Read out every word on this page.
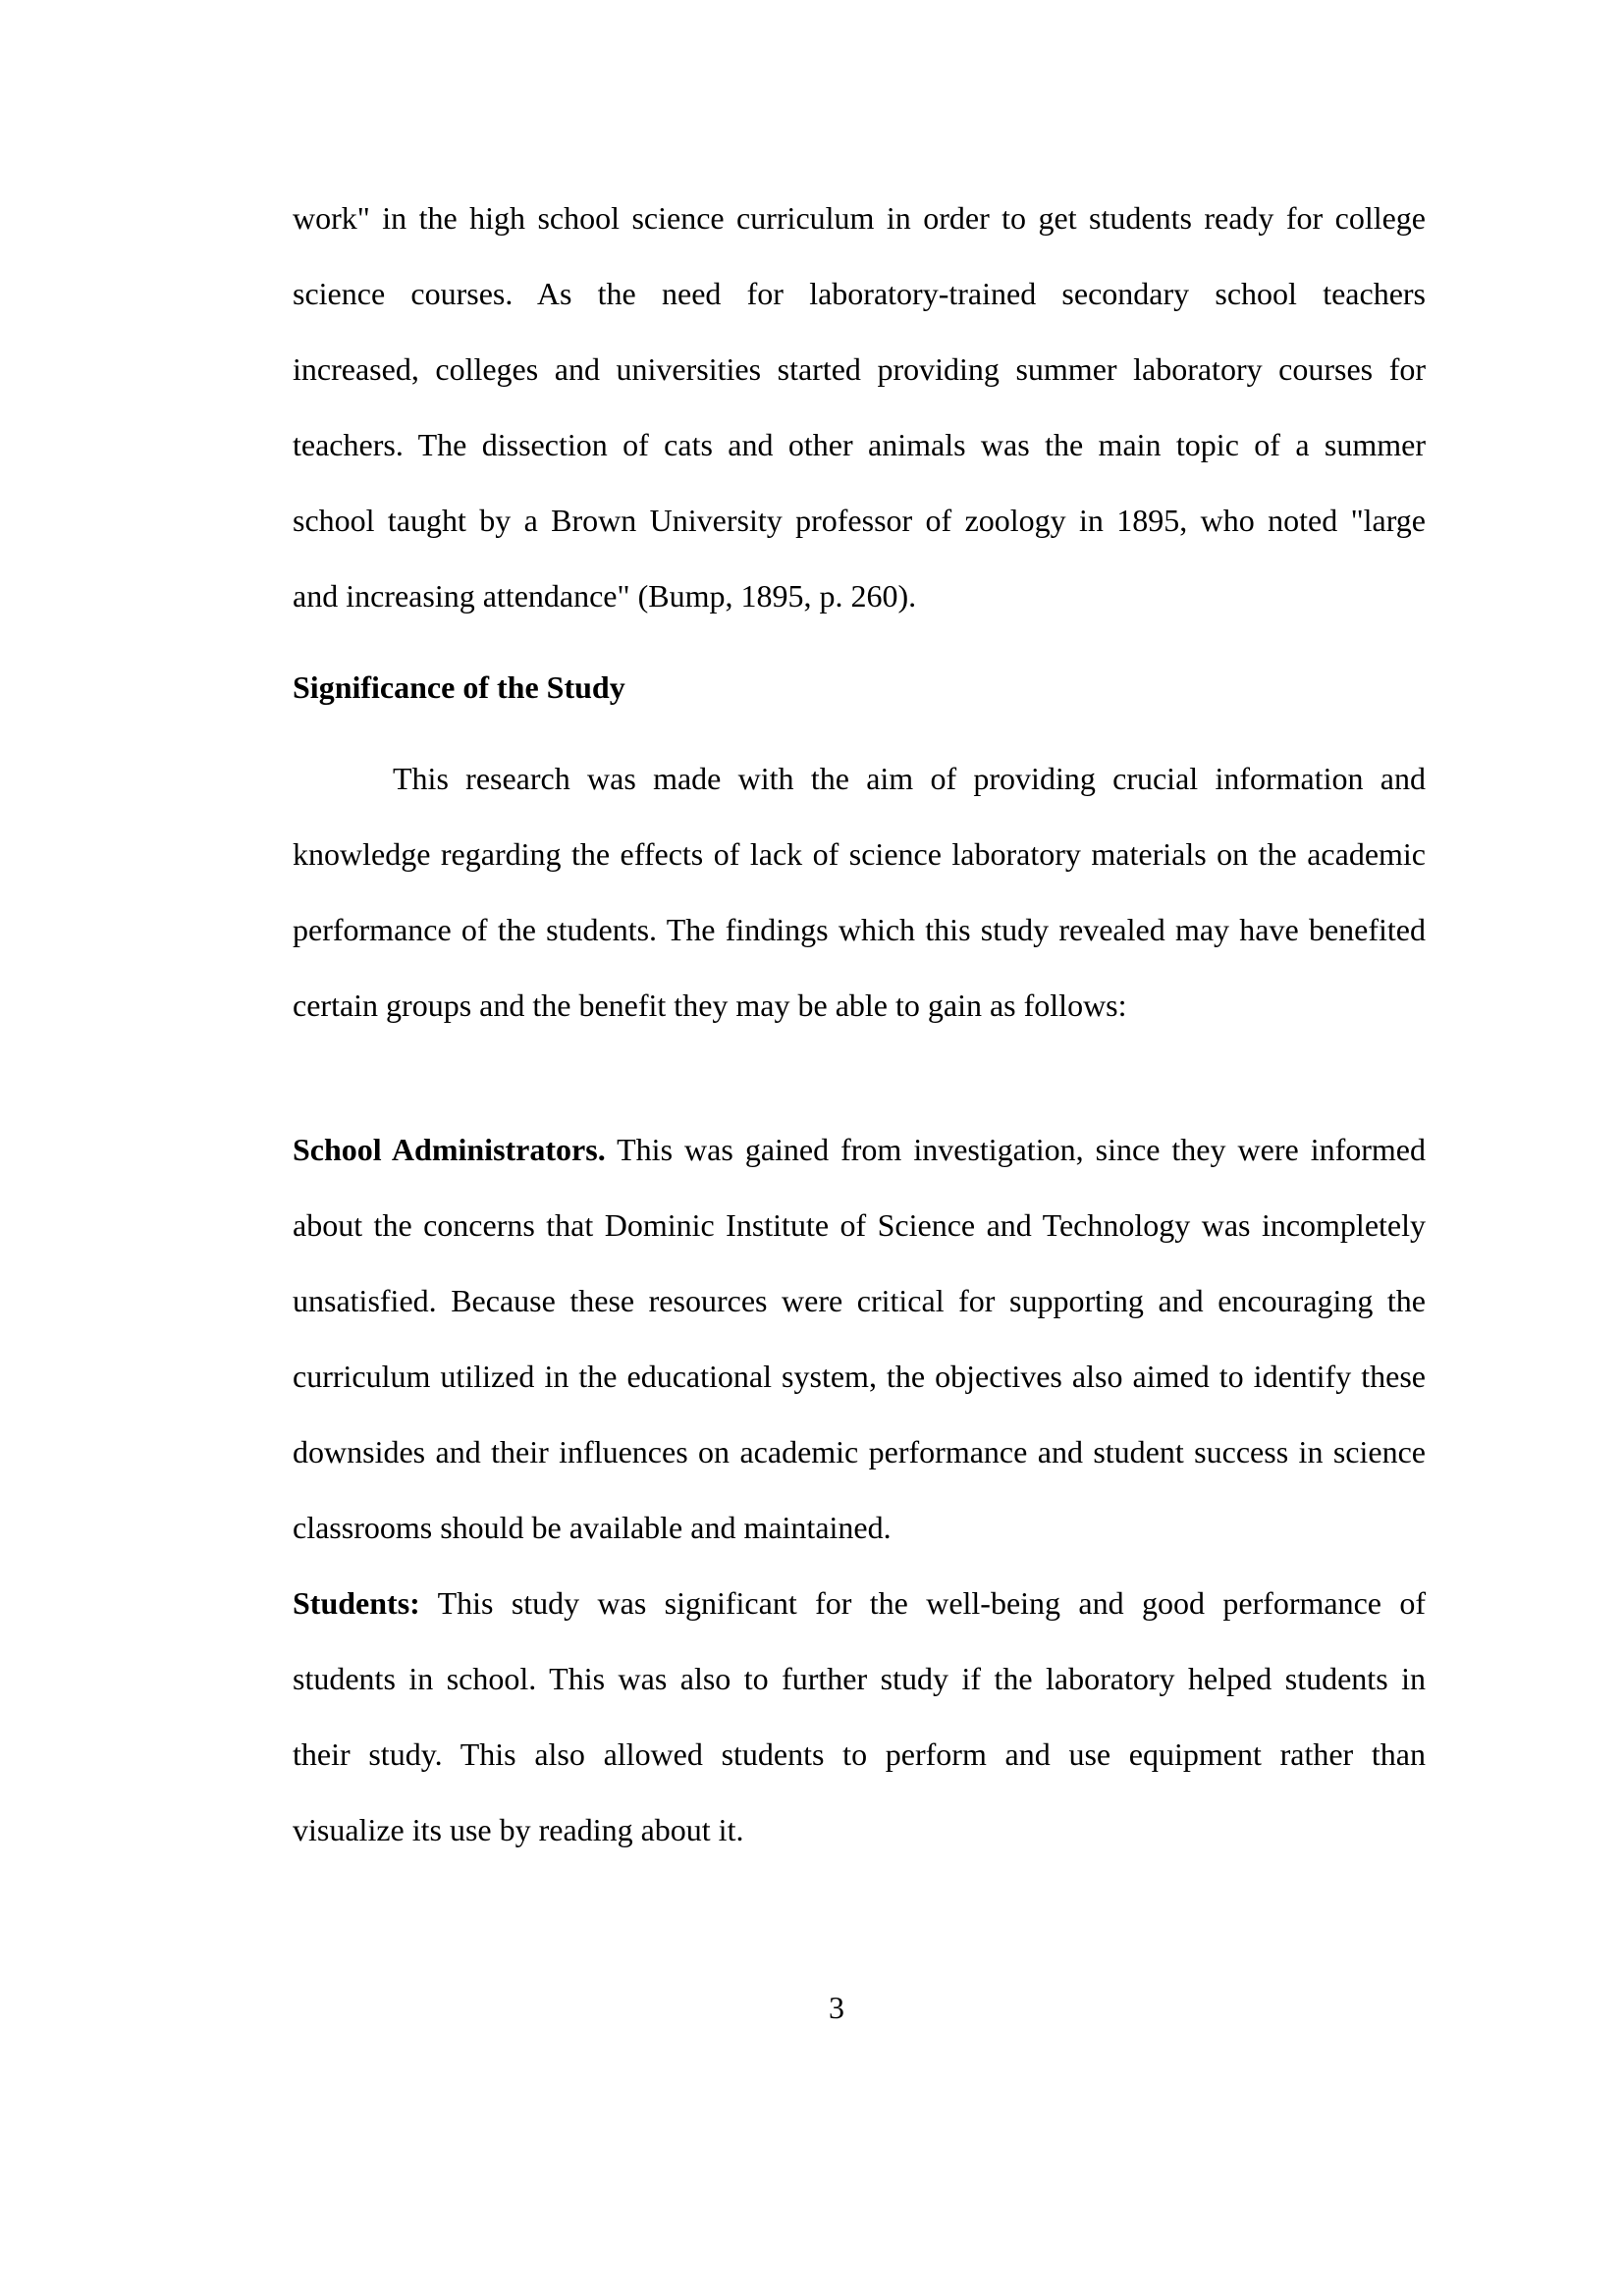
work" in the high school science curriculum in order to get students ready for college
science courses. As the need for laboratory-trained secondary school teachers
increased, colleges and universities started providing summer laboratory courses for
teachers. The dissection of cats and other animals was the main topic of a summer
school taught by a Brown University professor of zoology in 1895, who noted "large
and increasing attendance" (Bump, 1895, p. 260).
Significance of the Study
This research was made with the aim of providing crucial information and
knowledge regarding the effects of lack of science laboratory materials on the academic
performance of the students. The findings which this study revealed may have benefited
certain groups and the benefit they may be able to gain as follows:
School Administrators. This was gained from investigation, since they were informed
about the concerns that Dominic Institute of Science and Technology was incompletely
unsatisfied. Because these resources were critical for supporting and encouraging the
curriculum utilized in the educational system, the objectives also aimed to identify these
downsides and their influences on academic performance and student success in science
classrooms should be available and maintained.
Students: This study was significant for the well-being and good performance of
students in school. This was also to further study if the laboratory helped students in
their study. This also allowed students to perform and use equipment rather than
visualize its use by reading about it.
3
